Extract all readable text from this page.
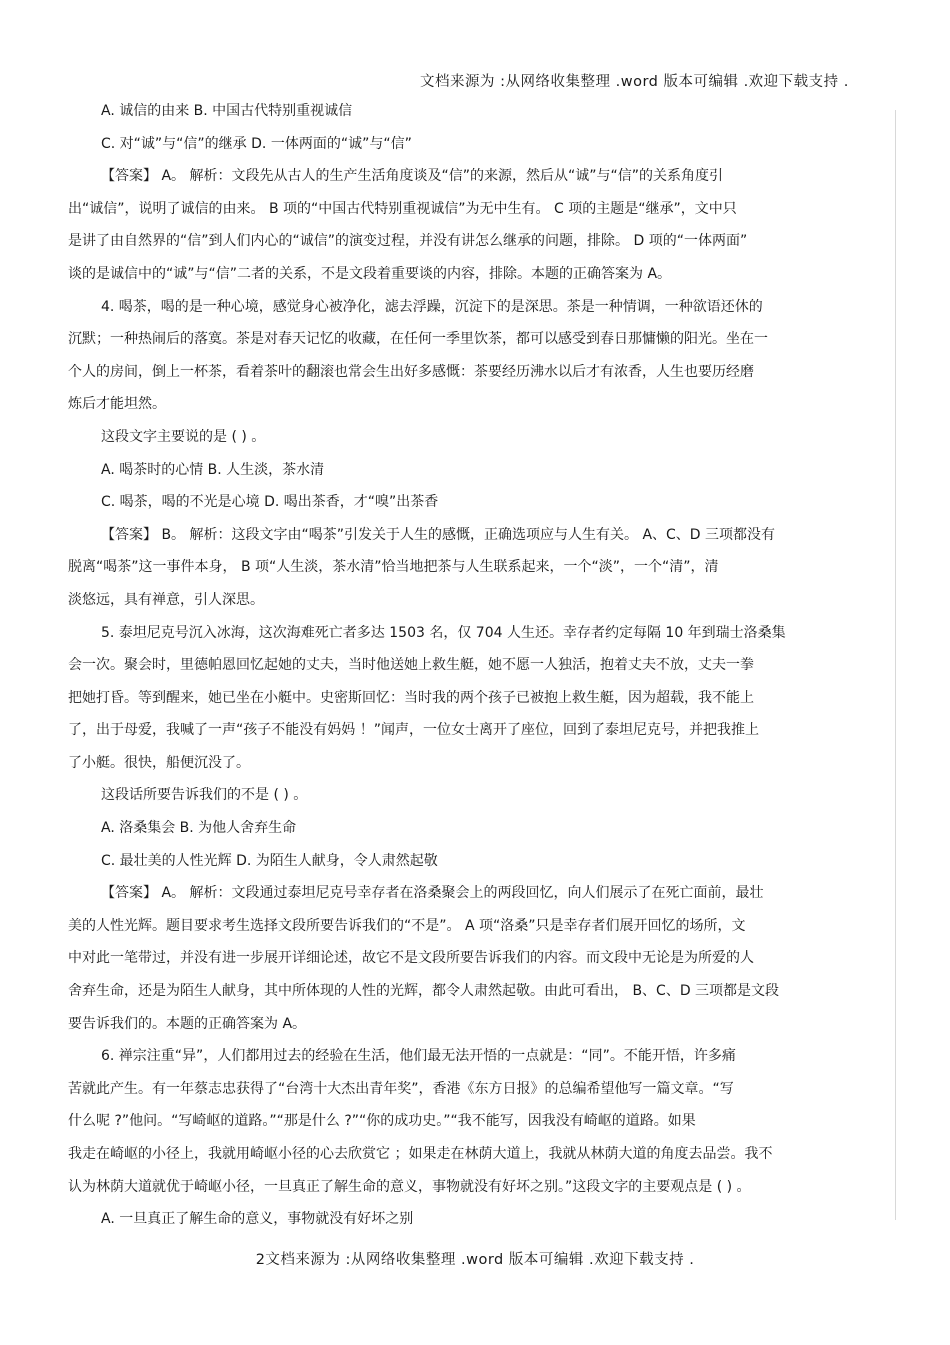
文档来源为 :从网络收集整理 .word 版本可编辑 .欢迎下载支持 .
A. 诚信的由来 B. 中国古代特别重视诚信
C. 对“诚”与“信”的继承 D. 一体两面的“诚”与“信”
【答案】 A。 解析：文段先从古人的生产生活角度谈及“信”的来源，然后从“诚”与“信”的关系角度引
出“诚信”，说明了诚信的由来。 B 项的“中国古代特别重视诚信”为无中生有。 C 项的主题是“继承”，文中只
是讲了由自然界的“信”到人们内心的“诚信”的演变过程，并没有讲怎么继承的问题，排除。 D 项的“一体两面”
谈的是诚信中的“诚”与“信”二者的关系，不是文段着重要谈的内容，排除。本题的正确答案为 A。
4. 喝茶，喝的是一种心境，感觉身心被净化，滤去浮躁，沉淀下的是深思。茶是一种情调，一种欲语还休的
沉默；一种热闹后的落寞。茶是对春天记忆的收藏，在任何一季里饮茶，都可以感受到春日那慵懒的阳光。坐在一
个人的房间，倒上一杯茶，看着茶叶的翻滚也常会生出好多感慨：茶要经历沸水以后才有浓香，人生也要历经磨
炼后才能坦然。
这段文字主要说的是 ( ) 。
A. 喝茶时的心情 B. 人生淡，茶水清
C. 喝茶，喝的不光是心境 D. 喝出茶香，才“嗅”出茶香
【答案】 B。 解析：这段文字由“喝茶”引发关于人生的感慨，正确选项应与人生有关。 A、C、D 三项都没有
脱离“喝茶”这一事件本身， B 项“人生淡，茶水清”恰当地把茶与人生联系起来，一个“淡”，一个“清”，清
淡悠远，具有禅意，引人深思。
5. 泰坦尼克号沉入冰海，这次海难死亡者多达 1503 名，仅 704 人生还。幸存者约定每隔 10 年到瑞士洛桑集
会一次。聚会时，里德帕恩回忆起她的丈夫，当时他送她上救生艇，她不愿一人独活，抱着丈夫不放，丈夫一拳
把她打昏。等到醒来，她已坐在小艇中。史密斯回忆：当时我的两个孩子已被抱上救生艇，因为超载，我不能上
了，出于母爱，我喊了一声“孩子不能没有妈妈 ！”闻声，一位女士离开了座位，回到了泰坦尼克号，并把我推上
了小艇。很快，船便沉没了。
这段话所要告诉我们的不是 ( ) 。
A. 洛桑集会 B. 为他人舍弃生命
C. 最壮美的人性光辉 D. 为陌生人献身，令人肃然起敬
【答案】 A。 解析：文段通过泰坦尼克号幸存者在洛桑聚会上的两段回忆，向人们展示了在死亡面前，最壮
美的人性光辉。题目要求考生选择文段所要告诉我们的“不是”。 A 项“洛桑”只是幸存者们展开回忆的场所，文
中对此一笔带过，并没有进一步展开详细论述，故它不是文段所要告诉我们的内容。而文段中无论是为所爱的人
舍弃生命，还是为陌生人献身，其中所体现的人性的光辉，都令人肃然起敬。由此可看出， B、C、D 三项都是文段
要告诉我们的。本题的正确答案为 A。
6. 禅宗注重“异”，人们都用过去的经验在生活，他们最无法开悟的一点就是：“同”。不能开悟，许多痛
苦就此产生。有一年蔡志忠获得了“台湾十大杰出青年奖”，香港《东方日报》的总编希望他写一篇文章。“写
什么呢 ?”他问。“写崎岖的道路。”“那是什么 ?”“你的成功史。”“我不能写，因我没有崎岖的道路。如果
我走在崎岖的小径上，我就用崎岖小径的心去欣赏它 ；如果走在林荫大道上，我就从林荫大道的角度去品尝。我不
认为林荫大道就优于崎岖小径，一旦真正了解生命的意义，事物就没有好坏之别。”这段文字的主要观点是 ( ) 。
A. 一旦真正了解生命的意义，事物就没有好坏之别
2文档来源为 :从网络收集整理 .word 版本可编辑 .欢迎下载支持 .
